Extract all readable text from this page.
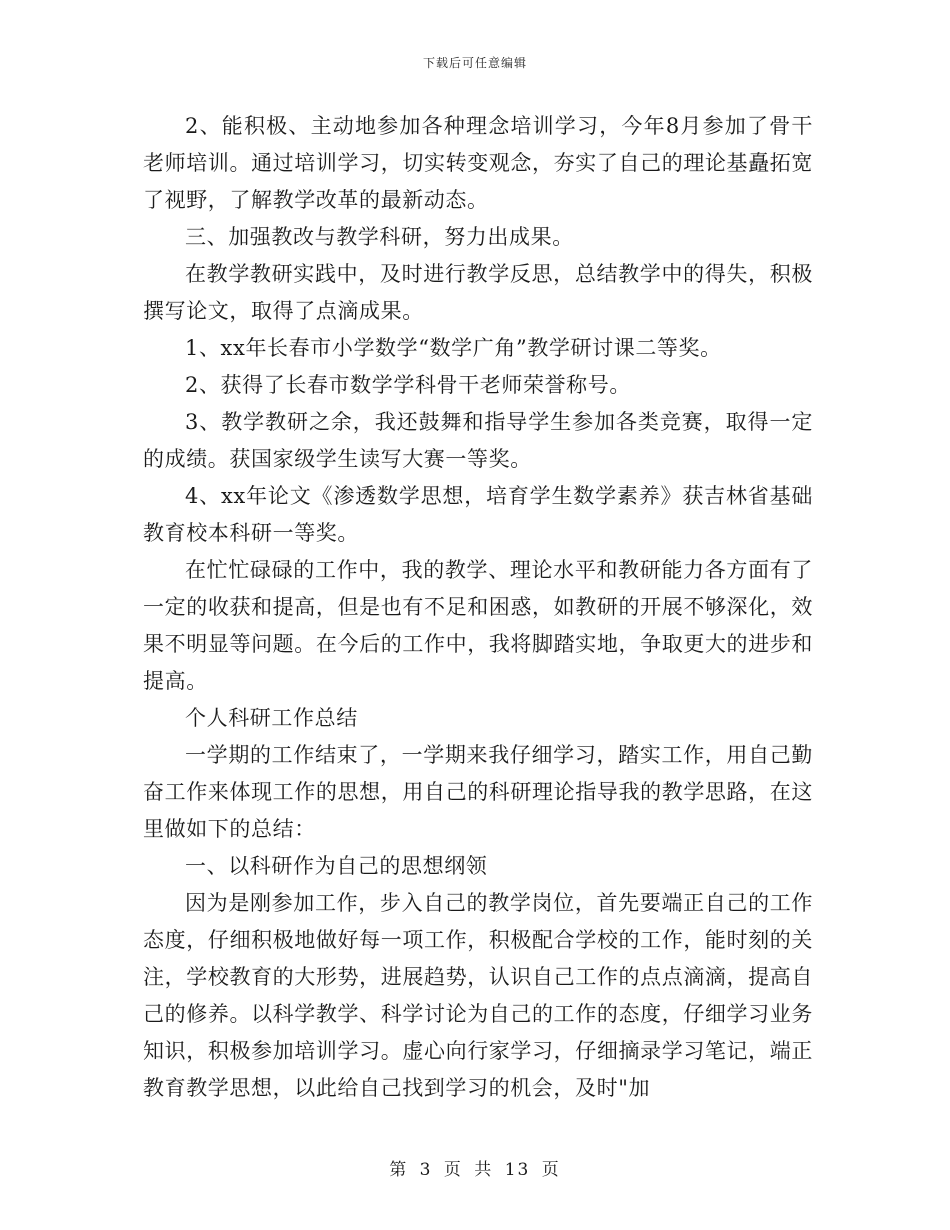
下载后可任意编辑

2、能积极、主动地参加各种理念培训学习，今年8月参加了骨干老师培训。通过培训学习，切实转变观念，夯实了自己的理论基矗拓宽了视野，了解教学改革的最新动态。

三、加强教改与教学科研，努力出成果。

在教学教研实践中，及时进行教学反思，总结教学中的得失，积极撰写论文，取得了点滴成果。

1、xx年长春市小学数学“数学广角”教学研讨课二等奖。

2、获得了长春市数学学科骨干老师荣誉称号。

3、教学教研之余，我还鼓舞和指导学生参加各类竞赛，取得一定的成绩。获国家级学生读写大赛一等奖。

4、xx年论文《渗透数学思想，培育学生数学素养》获吉林省基础教育校本科研一等奖。

在忙忙碌碌的工作中，我的教学、理论水平和教研能力各方面有了一定的收获和提高，但是也有不足和困惑，如教研的开展不够深化，效果不明显等问题。在今后的工作中，我将脚踏实地，争取更大的进步和提高。

个人科研工作总结

一学期的工作结束了，一学期来我仔细学习，踏实工作，用自己勤奋工作来体现工作的思想，用自己的科研理论指导我的教学思路，在这里做如下的总结：

一、以科研作为自己的思想纲领

因为是刚参加工作，步入自己的教学岗位，首先要端正自己的工作态度，仔细积极地做好每一项工作，积极配合学校的工作，能时刻的关注，学校教育的大形势，进展趋势，认识自己工作的点点滴滴，提高自己的修养。以科学教学、科学讨论为自己的工作的态度，仔细学习业务知识，积极参加培训学习。虚心向行家学习，仔细摘录学习笔记，端正教育教学思想，以此给自己找到学习的机会，及时"加

第 3 页 共 13 页
